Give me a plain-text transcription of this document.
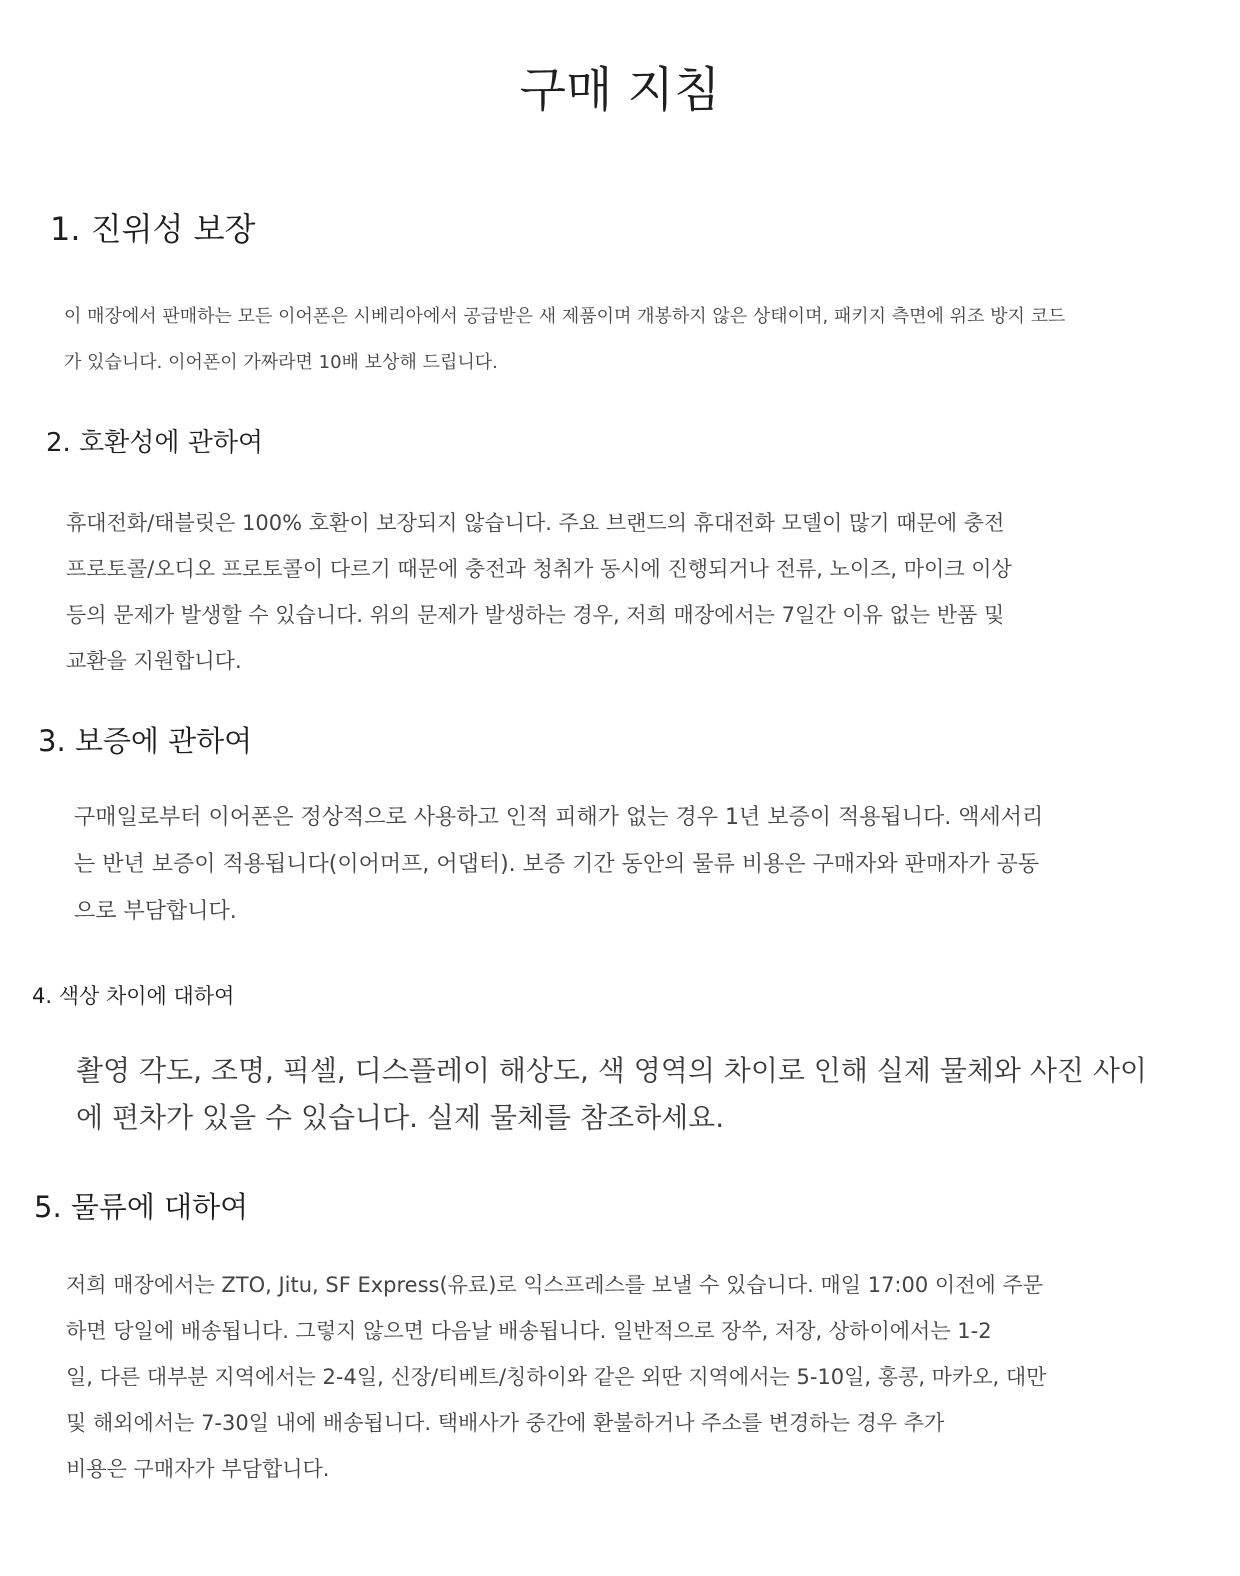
구매 지침
1. 진위성 보장
이 매장에서 판매하는 모든 이어폰은 시베리아에서 공급받은 새 제품이며 개봉하지 않은 상태이며, 패키지 측면에 위조 방지 코드
가 있습니다. 이어폰이 가짜라면 10배 보상해 드립니다.
2. 호환성에 관하여
휴대전화/태블릿은 100% 호환이 보장되지 않습니다. 주요 브랜드의 휴대전화 모델이 많기 때문에 충전
프로토콜/오디오 프로토콜이 다르기 때문에 충전과 청취가 동시에 진행되거나 전류, 노이즈, 마이크 이상
등의 문제가 발생할 수 있습니다. 위의 문제가 발생하는 경우, 저희 매장에서는 7일간 이유 없는 반품 및
교환을 지원합니다.
3. 보증에 관하여
구매일로부터 이어폰은 정상적으로 사용하고 인적 피해가 없는 경우 1년 보증이 적용됩니다. 액세서리
는 반년 보증이 적용됩니다(이어머프, 어댑터). 보증 기간 동안의 물류 비용은 구매자와 판매자가 공동
으로 부담합니다.
4. 색상 차이에 대하여
촬영 각도, 조명, 픽셀, 디스플레이 해상도, 색 영역의 차이로 인해 실제 물체와 사진 사이
에 편차가 있을 수 있습니다. 실제 물체를 참조하세요.
5. 물류에 대하여
저희 매장에서는 ZTO, Jitu, SF Express(유료)로 익스프레스를 보낼 수 있습니다. 매일 17:00 이전에 주문
하면 당일에 배송됩니다. 그렇지 않으면 다음날 배송됩니다. 일반적으로 장쑤, 저장, 상하이에서는 1-2
일, 다른 대부분 지역에서는 2-4일, 신장/티베트/칭하이와 같은 외딴 지역에서는 5-10일, 홍콩, 마카오, 대만
및 해외에서는 7-30일 내에 배송됩니다. 택배사가 중간에 환불하거나 주소를 변경하는 경우 추가
비용은 구매자가 부담합니다.
